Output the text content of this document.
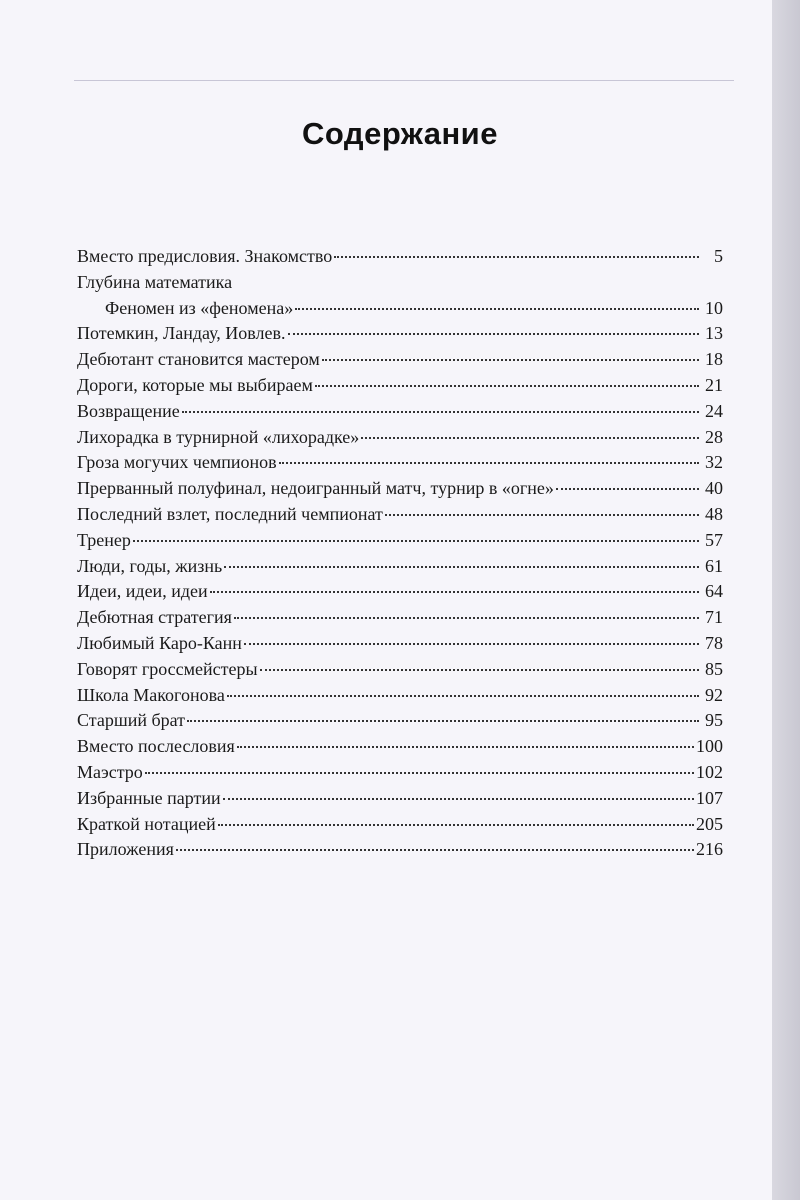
Содержание
Вместо предисловия. Знакомство	5
Глубина математика
Феномен из «феномена»	10
Потемкин, Ландау, Иовлев.	13
Дебютант становится мастером	18
Дороги, которые мы выбираем	21
Возвращение	24
Лихорадка в турнирной «лихорадке»	28
Гроза могучих чемпионов	32
Прерванный полуфинал, недоигранный матч, турнир в «огне»	40
Последний взлет, последний чемпионат	48
Тренер	57
Люди, годы, жизнь	61
Идеи, идеи, идеи	64
Дебютная стратегия	71
Любимый Каро-Канн	78
Говорят гроссмейстеры	85
Школа Макогонова	92
Старший брат	95
Вместо послесловия	100
Маэстро	102
Избранные партии	107
Краткой нотацией	205
Приложения	216
